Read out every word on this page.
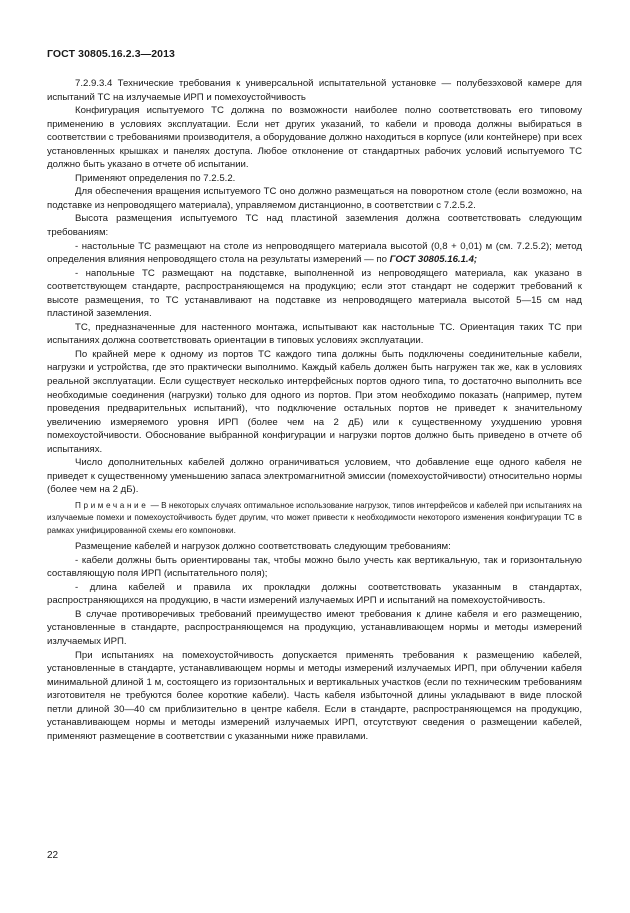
ГОСТ 30805.16.2.3—2013

7.2.9.3.4 Технические требования к универсальной испытательной установке — полубезэховой камере для испытаний ТС на излучаемые ИРП и помехоустойчивость

Конфигурация испытуемого ТС должна по возможности наиболее полно соответствовать его типовому применению в условиях эксплуатации. Если нет других указаний, то кабели и провода должны выбираться в соответствии с требованиями производителя, а оборудование должно находиться в корпусе (или контейнере) при всех установленных крышках и панелях доступа. Любое отклонение от стандартных рабочих условий испытуемого ТС должно быть указано в отчете об испытании.

Применяют определения по 7.2.5.2.

Для обеспечения вращения испытуемого ТС оно должно размещаться на поворотном столе (если возможно, на подставке из непроводящего материала), управляемом дистанционно, в соответствии с 7.2.5.2.

Высота размещения испытуемого ТС над пластиной заземления должна соответствовать следующим требованиям:

- настольные ТС размещают на столе из непроводящего материала высотой (0,8 + 0,01) м (см. 7.2.5.2); метод определения влияния непроводящего стола на результаты измерений — по ГОСТ 30805.16.1.4;

- напольные ТС размещают на подставке, выполненной из непроводящего материала, как указано в соответствующем стандарте, распространяющемся на продукцию; если этот стандарт не содержит требований к высоте размещения, то ТС устанавливают на подставке из непроводящего материала высотой 5—15 см над пластиной заземления.

ТС, предназначенные для настенного монтажа, испытывают как настольные ТС. Ориентация таких ТС при испытаниях должна соответствовать ориентации в типовых условиях эксплуатации.

По крайней мере к одному из портов ТС каждого типа должны быть подключены соединительные кабели, нагрузки и устройства, где это практически выполнимо. Каждый кабель должен быть нагружен так же, как в условиях реальной эксплуатации. Если существует несколько интерфейсных портов одного типа, то достаточно выполнить все необходимые соединения (нагрузки) только для одного из портов. При этом необходимо показать (например, путем проведения предварительных испытаний), что подключение остальных портов не приведет к значительному увеличению измеряемого уровня ИРП (более чем на 2 дБ) или к существенному ухудшению уровня помехоустойчивости. Обоснование выбранной конфигурации и нагрузки портов должно быть приведено в отчете об испытаниях.

Число дополнительных кабелей должно ограничиваться условием, что добавление еще одного кабеля не приведет к существенному уменьшению запаса электромагнитной эмиссии (помехоустойчивости) относительно нормы (более чем на 2 дБ).

Примечание — В некоторых случаях оптимальное использование нагрузок, типов интерфейсов и кабелей при испытаниях на излучаемые помехи и помехоустойчивость будет другим, что может привести к необходимости некоторого изменения конфигурации ТС в рамках унифицированной схемы его компоновки.

Размещение кабелей и нагрузок должно соответствовать следующим требованиям:

- кабели должны быть ориентированы так, чтобы можно было учесть как вертикальную, так и горизонтальную составляющую поля ИРП (испытательного поля);

- длина кабелей и правила их прокладки должны соответствовать указанным в стандартах, распространяющихся на продукцию, в части измерений излучаемых ИРП и испытаний на помехоустойчивость.

В случае противоречивых требований преимущество имеют требования к длине кабеля и его размещению, установленные в стандарте, распространяющемся на продукцию, устанавливающем нормы и методы измерений излучаемых ИРП.

При испытаниях на помехоустойчивость допускается применять требования к размещению кабелей, установленные в стандарте, устанавливающем нормы и методы измерений излучаемых ИРП, при облучении кабеля минимальной длиной 1 м, состоящего из горизонтальных и вертикальных участков (если по техническим требованиям изготовителя не требуются более короткие кабели). Часть кабеля избыточной длины укладывают в виде плоской петли длиной 30—40 см приблизительно в центре кабеля. Если в стандарте, распространяющемся на продукцию, устанавливающем нормы и методы измерений излучаемых ИРП, отсутствуют сведения о размещении кабелей, применяют размещение в соответствии с указанными ниже правилами.

22
